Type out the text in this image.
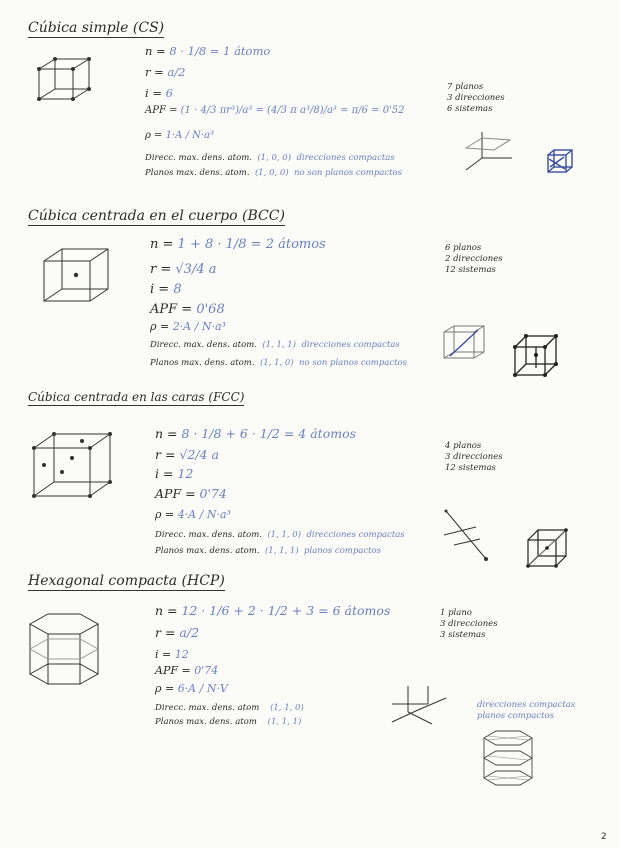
Cúbica simple (CS)
n = 8 · 1/8 = 1 átomo
r = a/2
i = 6
APF = (1 · 4/3 πr³)/a³ = (4/3 π a³/8)/a³ = π/6 = 0'52
ρ = 1·A / N·a³
Direcc. max. dens. atom. (1, 0, 0) direcciones compactas
Planos max. dens. atom. (1, 0, 0) no son planos compactos
7 planos
3 direcciones
6 sistemas
Cúbica centrada en el cuerpo (BCC)
n = 1 + 8 · 1/8 = 2 átomos
r = √3/4 a
i = 8
APF = 0'68
ρ = 2·A / N·a³
Direcc. max. dens. atom. (1, 1, 1) direcciones compactas
Planos max. dens. atom. (1, 1, 0) no son planos compactos
6 planos
2 direcciones
12 sistemas
Cúbica centrada en las caras (FCC)
n = 8 · 1/8 + 6 · 1/2 = 4 átomos
r = √2/4 a
i = 12
APF = 0'74
ρ = 4·A / N·a³
Direcc. max. dens. atom. (1, 1, 0) direcciones compactas
Planos max. dens. atom. (1, 1, 1) planos compactos
4 planos
3 direcciones
12 sistemas
Hexagonal compacta (HCP)
n = 12 · 1/6 + 2 · 1/2 + 3 = 6 átomos
r = a/2
i = 12
APF = 0'74
ρ = 6·A / N·V
Direcc. max. dens. atom (1, 1, 0)
Planos max. dens. atom (1, 1, 1)
1 plano
3 direcciones
3 sistemas
direcciones compactas
planos compactos
2
